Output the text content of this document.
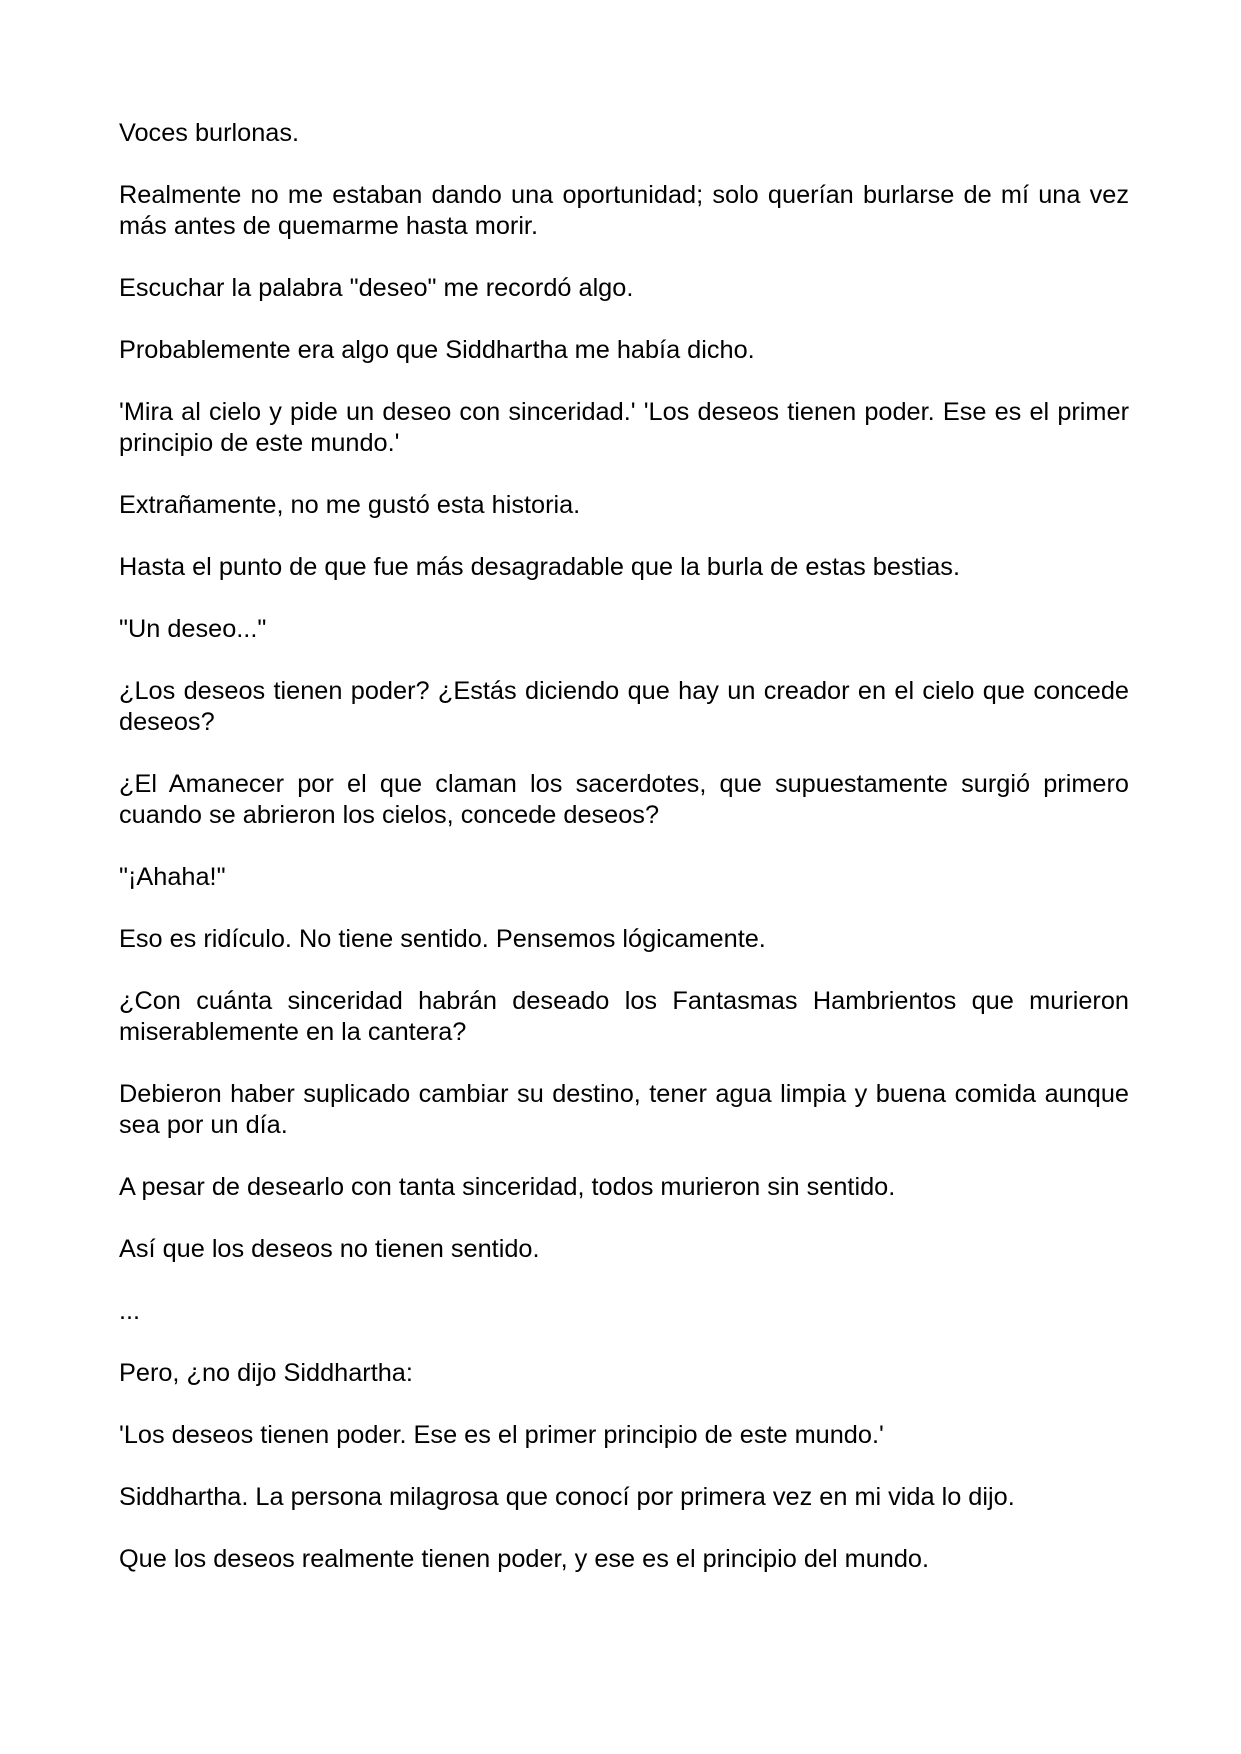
Voces burlonas.

Realmente no me estaban dando una oportunidad; solo querían burlarse de mí una vez más antes de quemarme hasta morir.

Escuchar la palabra "deseo" me recordó algo.

Probablemente era algo que Siddhartha me había dicho.

'Mira al cielo y pide un deseo con sinceridad.' 'Los deseos tienen poder. Ese es el primer principio de este mundo.'

Extrañamente, no me gustó esta historia.

Hasta el punto de que fue más desagradable que la burla de estas bestias.

"Un deseo..."

¿Los deseos tienen poder? ¿Estás diciendo que hay un creador en el cielo que concede deseos?

¿El Amanecer por el que claman los sacerdotes, que supuestamente surgió primero cuando se abrieron los cielos, concede deseos?

"¡Ahaha!"

Eso es ridículo. No tiene sentido. Pensemos lógicamente.

¿Con cuánta sinceridad habrán deseado los Fantasmas Hambrientos que murieron miserablemente en la cantera?

Debieron haber suplicado cambiar su destino, tener agua limpia y buena comida aunque sea por un día.

A pesar de desearlo con tanta sinceridad, todos murieron sin sentido.

Así que los deseos no tienen sentido.

...

Pero, ¿no dijo Siddhartha:

'Los deseos tienen poder. Ese es el primer principio de este mundo.'

Siddhartha. La persona milagrosa que conocí por primera vez en mi vida lo dijo.

Que los deseos realmente tienen poder, y ese es el principio del mundo.
